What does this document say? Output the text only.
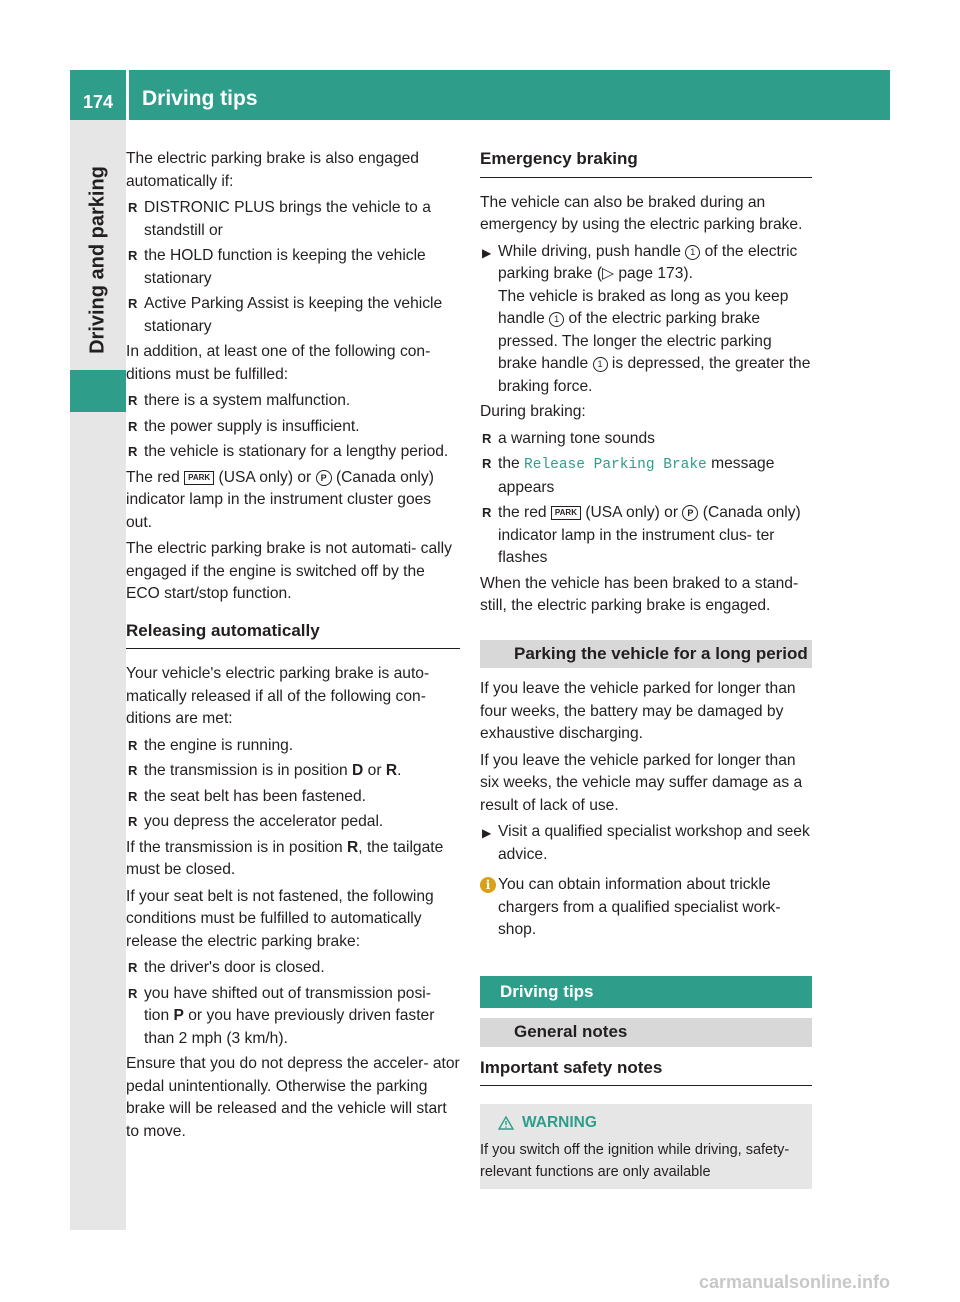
174	Driving tips
Driving and parking

The electric parking brake is also engaged automatically if:

R DISTRONIC PLUS brings the vehicle to a standstill or
R the HOLD function is keeping the vehicle stationary
R Active Parking Assist is keeping the vehicle stationary

In addition, at least one of the following con- ditions must be fulfilled:

R there is a system malfunction.
R the power supply is insufficient.
R the vehicle is stationary for a lengthy period.

The red PARK (USA only) or P (Canada only) indicator lamp in the instrument cluster goes out.

The electric parking brake is not automati- cally engaged if the engine is switched off by the ECO start/stop function.

Releasing automatically

Your vehicle's electric parking brake is auto- matically released if all of the following con- ditions are met:

R the engine is running.
R the transmission is in position D or R.
R the seat belt has been fastened.
R you depress the accelerator pedal.

If the transmission is in position R, the tailgate must be closed.

If your seat belt is not fastened, the following conditions must be fulfilled to automatically release the electric parking brake:

R the driver's door is closed.
R you have shifted out of transmission posi- tion P or you have previously driven faster than 2 mph (3 km/h).

Ensure that you do not depress the acceler- ator pedal unintentionally. Otherwise the parking brake will be released and the vehicle will start to move.

Emergency braking

The vehicle can also be braked during an emergency by using the electric parking brake.

▶ While driving, push handle 1 of the electric parking brake (▷ page 173).
The vehicle is braked as long as you keep handle 1 of the electric parking brake pressed. The longer the electric parking brake handle 1 is depressed, the greater the braking force.

During braking:

R a warning tone sounds
R the Release Parking Brake message appears
R the red PARK (USA only) or P (Canada only) indicator lamp in the instrument clus- ter flashes

When the vehicle has been braked to a stand- still, the electric parking brake is engaged.

Parking the vehicle for a long period

If you leave the vehicle parked for longer than four weeks, the battery may be damaged by exhaustive discharging.

If you leave the vehicle parked for longer than six weeks, the vehicle may suffer damage as a result of lack of use.

▶ Visit a qualified specialist workshop and seek advice.
i You can obtain information about trickle chargers from a qualified specialist work- shop.
Driving tips
General notes
Important safety notes
WARNING
If you switch off the ignition while driving, safety-relevant functions are only available
carmanualsonline.info
